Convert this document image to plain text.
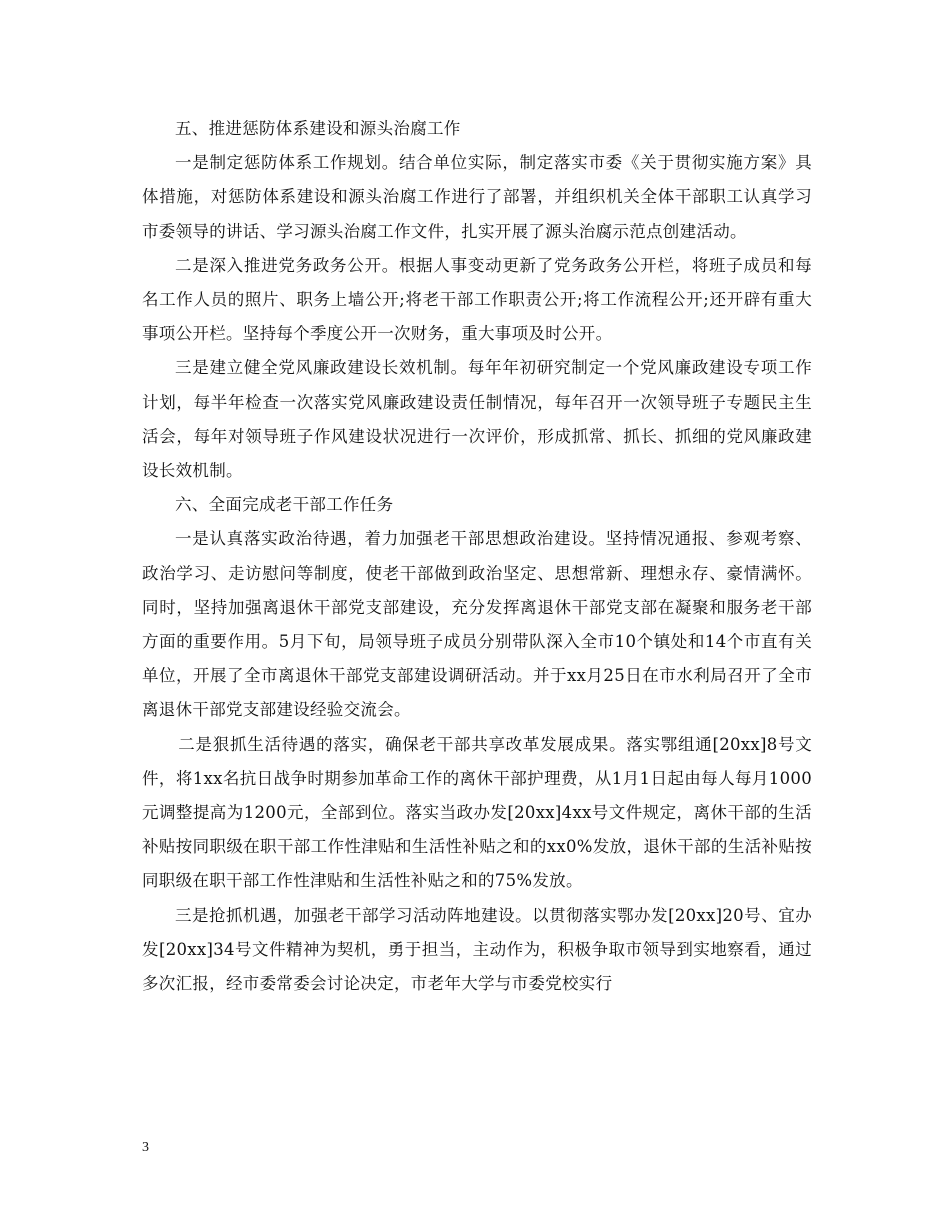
五、推进惩防体系建设和源头治腐工作

一是制定惩防体系工作规划。结合单位实际，制定落实市委《关于贯彻实施方案》具体措施，对惩防体系建设和源头治腐工作进行了部署，并组织机关全体干部职工认真学习市委领导的讲话、学习源头治腐工作文件，扎实开展了源头治腐示范点创建活动。

二是深入推进党务政务公开。根据人事变动更新了党务政务公开栏，将班子成员和每名工作人员的照片、职务上墙公开;将老干部工作职责公开;将工作流程公开;还开辟有重大事项公开栏。坚持每个季度公开一次财务，重大事项及时公开。

三是建立健全党风廉政建设长效机制。每年年初研究制定一个党风廉政建设专项工作计划，每半年检查一次落实党风廉政建设责任制情况，每年召开一次领导班子专题民主生活会，每年对领导班子作风建设状况进行一次评价，形成抓常、抓长、抓细的党风廉政建设长效机制。

六、全面完成老干部工作任务

一是认真落实政治待遇，着力加强老干部思想政治建设。坚持情况通报、参观考察、政治学习、走访慰问等制度，使老干部做到政治坚定、思想常新、理想永存、豪情满怀。同时，坚持加强离退休干部党支部建设，充分发挥离退休干部党支部在凝聚和服务老干部方面的重要作用。5月下旬，局领导班子成员分别带队深入全市10个镇处和14个市直有关单位，开展了全市离退休干部党支部建设调研活动。并于xx月25日在市水利局召开了全市离退休干部党支部建设经验交流会。

二是狠抓生活待遇的落实，确保老干部共享改革发展成果。落实鄂组通[20xx]8号文件，将1xx名抗日战争时期参加革命工作的离休干部护理费，从1月1日起由每人每月1000元调整提高为1200元，全部到位。落实当政办发[20xx]4xx号文件规定，离休干部的生活补贴按同职级在职干部工作性津贴和生活性补贴之和的xx0%发放，退休干部的生活补贴按同职级在职干部工作性津贴和生活性补贴之和的75%发放。

三是抢抓机遇，加强老干部学习活动阵地建设。以贯彻落实鄂办发[20xx]20号、宜办发[20xx]34号文件精神为契机，勇于担当，主动作为，积极争取市领导到实地察看，通过多次汇报，经市委常委会讨论决定，市老年大学与市委党校实行

3
